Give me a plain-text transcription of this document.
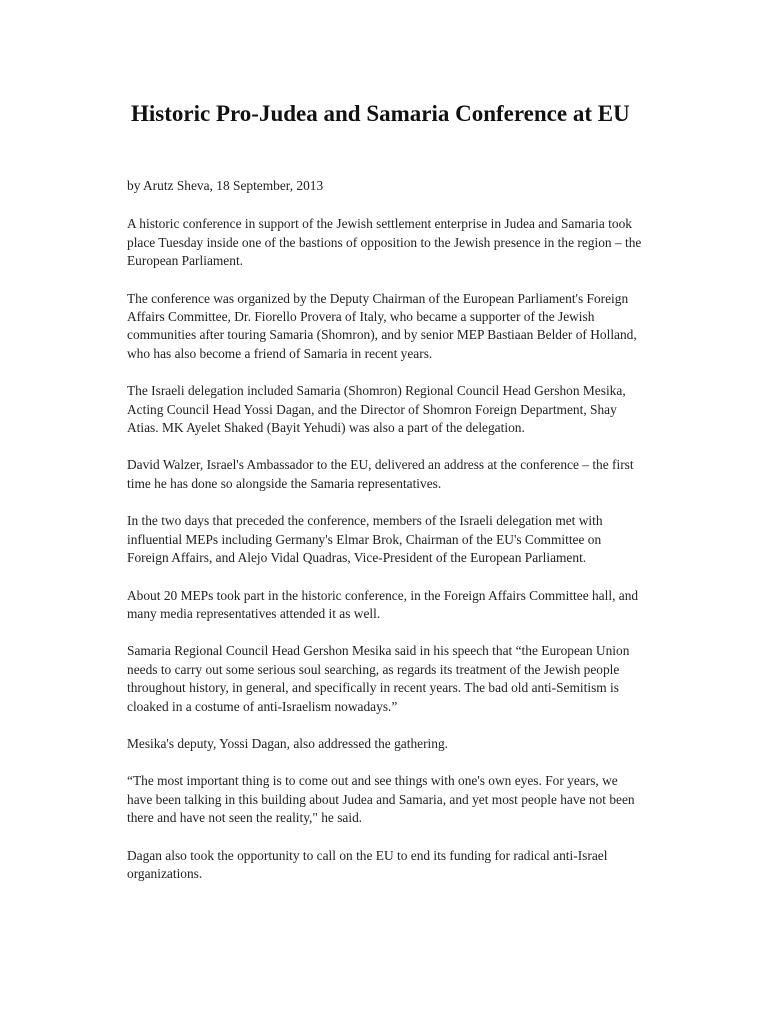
Historic Pro-Judea and Samaria Conference at EU

by Arutz Sheva, 18 September, 2013

A historic conference in support of the Jewish settlement enterprise in Judea and Samaria took place Tuesday inside one of the bastions of opposition to the Jewish presence in the region – the European Parliament.

The conference was organized by the Deputy Chairman of the European Parliament's Foreign Affairs Committee, Dr. Fiorello Provera of Italy, who became a supporter of the Jewish communities after touring Samaria (Shomron), and by senior MEP Bastiaan Belder of Holland, who has also become a friend of Samaria in recent years.

The Israeli delegation included Samaria (Shomron) Regional Council Head Gershon Mesika, Acting Council Head Yossi Dagan, and the Director of Shomron Foreign Department, Shay Atias. MK Ayelet Shaked (Bayit Yehudi) was also a part of the delegation.

David Walzer, Israel's Ambassador to the EU, delivered an address at the conference – the first time he has done so alongside the Samaria representatives.

In the two days that preceded the conference, members of the Israeli delegation met with influential MEPs including Germany's Elmar Brok, Chairman of the EU's Committee on Foreign Affairs, and Alejo Vidal Quadras, Vice-President of the European Parliament.

About 20 MEPs took part in the historic conference, in the Foreign Affairs Committee hall, and many media representatives attended it as well.

Samaria Regional Council Head Gershon Mesika said in his speech that “the European Union needs to carry out some serious soul searching, as regards its treatment of the Jewish people throughout history, in general, and specifically in recent years. The bad old anti-Semitism is cloaked in a costume of anti-Israelism nowadays.”

Mesika's deputy, Yossi Dagan, also addressed the gathering.

“The most important thing is to come out and see things with one's own eyes. For years, we have been talking in this building about Judea and Samaria, and yet most people have not been there and have not seen the reality," he said.

Dagan also took the opportunity to call on the EU to end its funding for radical anti-Israel organizations.
